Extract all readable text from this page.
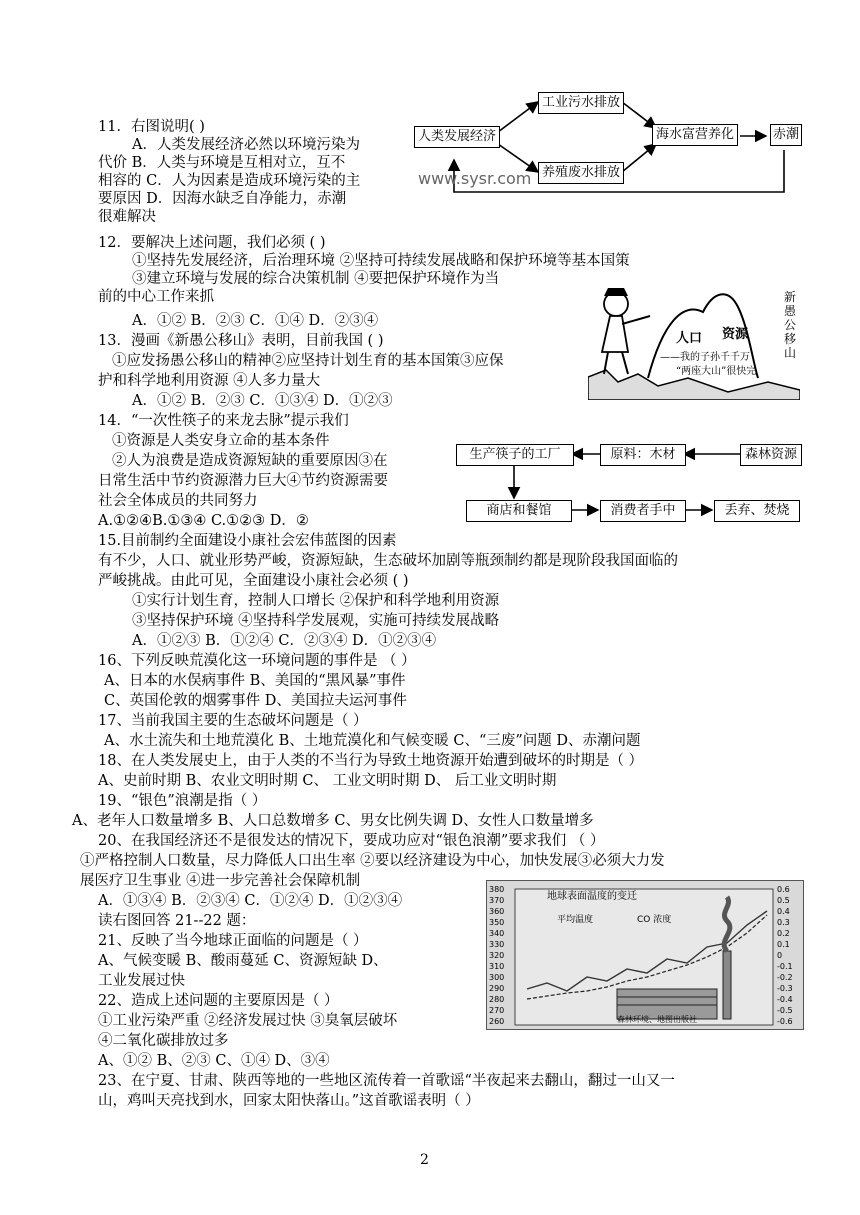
11．右图说明( )
A．人类发展经济必然以环境污染为
代价 B．人类与环境是互相对立，互不
相容的 C．人为因素是造成环境污染的主
要原因 D．因海水缺乏自净能力，赤潮
很难解决
人类发展经济
工业污水排放
养殖废水排放
海水富营养化	赤潮
www.sysr.com
12．要解决上述问题，我们必须 ( )
①坚持先发展经济，后治理环境 ②坚持可持续发展战略和保护环境等基本国策
③建立环境与发展的综合决策机制 ④要把保护环境作为当
前的中心工作来抓
A．①② B．②③ C．①④ D．②③④
人口 资源
——我的子孙千千万
“两座大山”很快完
新愚公移山
13．漫画《新愚公移山》表明，目前我国 ( )
①应发扬愚公移山的精神②应坚持计划生育的基本国策③应保
护和科学地利用资源 ④人多力量大
A．①② B．②③ C．①③④ D．①②③
14．“一次性筷子的来龙去脉”提示我们
①资源是人类安身立命的基本条件
②人为浪费是造成资源短缺的重要原因③在
日常生活中节约资源潜力巨大④节约资源需要
社会全体成员的共同努力
A.①②④B.①③④ C.①②③ D．②
生产筷子的工厂	原料：木材	森林资源
商店和餐馆	消费者手中	丢弃、焚烧
15.目前制约全面建设小康社会宏伟蓝图的因素
有不少，人口、就业形势严峻，资源短缺，生态破坏加剧等瓶颈制约都是现阶段我国面临的
严峻挑战。由此可见，全面建设小康社会必须 ( )
①实行计划生育，控制人口增长 ②保护和科学地利用资源
③坚持保护环境 ④坚持科学发展观，实施可持续发展战略
A．①②③ B．①②④ C．②③④ D．①②③④
16、下列反映荒漠化这一环境问题的事件是 （ ）
A、日本的水俣病事件 B、美国的“黑风暴”事件
C、英国伦敦的烟雾事件 D、美国拉夫运河事件
17、当前我国主要的生态破坏问题是（ ）
A、水土流失和土地荒漠化 B、土地荒漠化和气候变暖 C、“三废”问题 D、赤潮问题
18、在人类发展史上，由于人类的不当行为导致土地资源开始遭到破坏的时期是（ ）
A、史前时期 B、农业文明时期 C、 工业文明时期 D、 后工业文明时期
19、“银色”浪潮是指（ ）
A、老年人口数量增多 B、人口总数增多 C、男女比例失调 D、女性人口数量增多
20、在我国经济还不是很发达的情况下，要成功应对“银色浪潮”要求我们 （ ）
①严格控制人口数量，尽力降低人口出生率 ②要以经济建设为中心，加快发展③必须大力发
展医疗卫生事业 ④进一步完善社会保障机制
A．①③④ B．②③④ C．①②④ D．①②③④
读右图回答 21--22 题：
21、反映了当今地球正面临的问题是（ ）
A、气候变暖 B、酸雨蔓延 C、资源短缺 D、
工业发展过快
22、造成上述问题的主要原因是（ ）
①工业污染严重 ②经济发展过快 ③臭氧层破坏
④二氧化碳排放过多
A、①② B、②③ C、①④ D、③④
地球表面温度的变迁
平均温度	CO 浓度
森林环境、地图出版社
380
370
360
350
340
330
320
310
300
290
280
270
260
0.6
0.5
0.4
0.3
0.2
0.1
0
-0.1
-0.2
-0.3
-0.4
-0.5
-0.6
23、在宁夏、甘肃、陕西等地的一些地区流传着一首歌谣“半夜起来去翻山，翻过一山又一
山，鸡叫天亮找到水，回家太阳快落山。”这首歌谣表明（ ）
2
